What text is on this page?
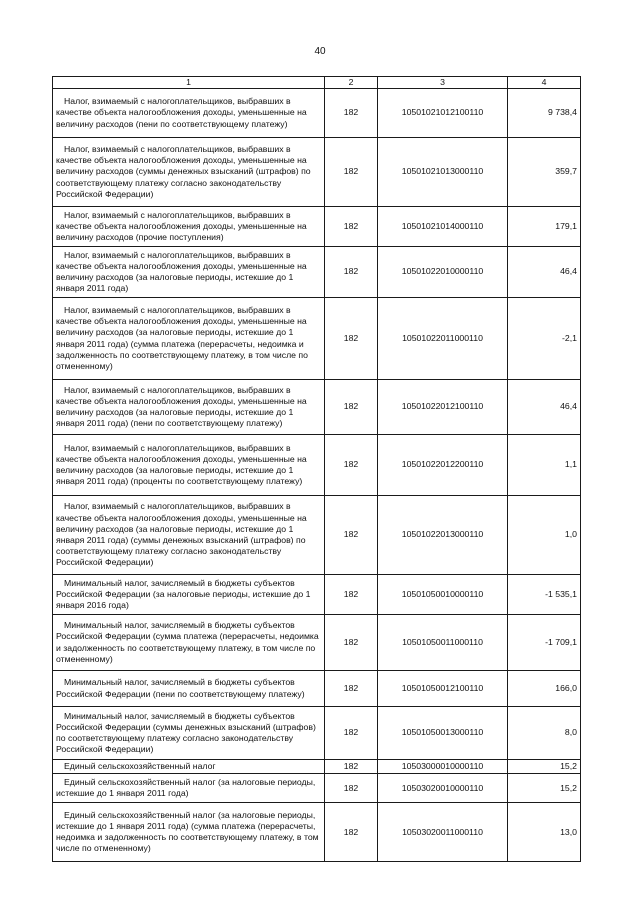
40
1	2	3	4
Налог, взимаемый с налогоплательщиков, выбравших в качестве объекта налогообложения доходы, уменьшенные на величину расходов (пени по соответствующему платежу)	182	10501021012100110	9 738,4
Налог, взимаемый с налогоплательщиков, выбравших в качестве объекта налогообложения доходы, уменьшенные на величину расходов (суммы денежных взысканий (штрафов) по соответствующему платежу согласно законодательству Российской Федерации)	182	10501021013000110	359,7
Налог, взимаемый с налогоплательщиков, выбравших в качестве объекта налогообложения доходы, уменьшенные на величину расходов (прочие поступления)	182	10501021014000110	179,1
Налог, взимаемый с налогоплательщиков, выбравших в качестве объекта налогообложения доходы, уменьшенные на величину расходов (за налоговые периоды, истекшие до 1 января 2011 года)	182	10501022010000110	46,4
Налог, взимаемый с налогоплательщиков, выбравших в качестве объекта налогообложения доходы, уменьшенные на величину расходов (за налоговые периоды, истекшие до 1 января 2011 года) (сумма платежа (перерасчеты, недоимка и задолженность по соответствующему платежу, в том числе по отмененному)	182	10501022011000110	-2,1
Налог, взимаемый с налогоплательщиков, выбравших в качестве объекта налогообложения доходы, уменьшенные на величину расходов (за налоговые периоды, истекшие до 1 января 2011 года) (пени по соответствующему платежу)	182	10501022012100110	46,4
Налог, взимаемый с налогоплательщиков, выбравших в качестве объекта налогообложения доходы, уменьшенные на величину расходов (за налоговые периоды, истекшие до 1 января 2011 года) (проценты по соответствующему платежу)	182	10501022012200110	1,1
Налог, взимаемый с налогоплательщиков, выбравших в качестве объекта налогообложения доходы, уменьшенные на величину расходов (за налоговые периоды, истекшие до 1 января 2011 года) (суммы денежных взысканий (штрафов) по соответствующему платежу согласно законодательству Российской Федерации)	182	10501022013000110	1,0
Минимальный налог, зачисляемый в бюджеты субъектов Российской Федерации (за налоговые периоды, истекшие до 1 января 2016 года)	182	10501050010000110	-1 535,1
Минимальный налог, зачисляемый в бюджеты субъектов Российской Федерации (сумма платежа (перерасчеты, недоимка и задолженность по соответствующему платежу, в том числе по отмененному)	182	10501050011000110	-1 709,1
Минимальный налог, зачисляемый в бюджеты субъектов Российской Федерации (пени по соответствующему платежу)	182	10501050012100110	166,0
Минимальный налог, зачисляемый в бюджеты субъектов Российской Федерации (суммы денежных взысканий (штрафов) по соответствующему платежу согласно законодательству Российской Федерации)	182	10501050013000110	8,0
Единый сельскохозяйственный налог	182	10503000010000110	15,2
Единый сельскохозяйственный налог (за налоговые периоды, истекшие до 1 января 2011 года)	182	10503020010000110	15,2
Единый сельскохозяйственный налог (за налоговые периоды, истекшие до 1 января 2011 года) (сумма платежа (перерасчеты, недоимка и задолженность по соответствующему платежу, в том числе по отмененному)	182	10503020011000110	13,0
